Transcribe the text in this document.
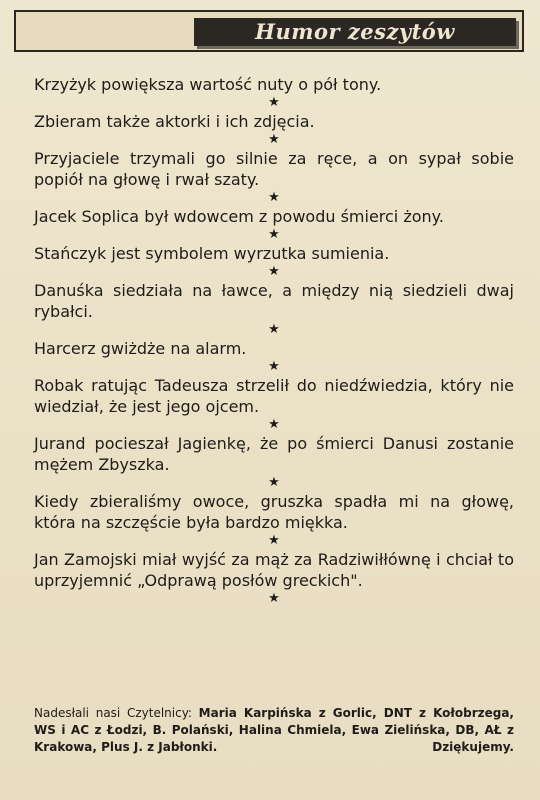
Humor zeszytów

Krzyżyk powiększa wartość nuty o pół tony.

★

Zbieram także aktorki i ich zdjęcia.

★

Przyjaciele trzymali go silnie za ręce, a on sypał sobie popiół na głowę i rwał szaty.

★

Jacek Soplica był wdowcem z powodu śmierci żony.

★

Stańczyk jest symbolem wyrzutka sumienia.

★

Danuśka siedziała na ławce, a między nią siedzieli dwaj rybałci.

★

Harcerz gwiżdże na alarm.

★

Robak ratując Tadeusza strzelił do niedźwiedzia, który nie wiedział, że jest jego ojcem.

★

Jurand pocieszał Jagienkę, że po śmierci Danusi zostanie mężem Zbyszka.

★

Kiedy zbieraliśmy owoce, gruszka spadła mi na głowę, która na szczęście była bardzo miękka.

★

Jan Zamojski miał wyjść za mąż za Radziwiłłównę i chciał to uprzyjemnić „Odprawą posłów greckich".

★
Nadesłali nasi Czytelnicy: Maria Karpińska z Gorlic, DNT z Kołobrzega, WS i AC z Łodzi, B. Polański, Halina Chmiela, Ewa Zielińska, DB, AŁ z Krakowa, Plus J. z Jabłonki.	Dziękujemy.
